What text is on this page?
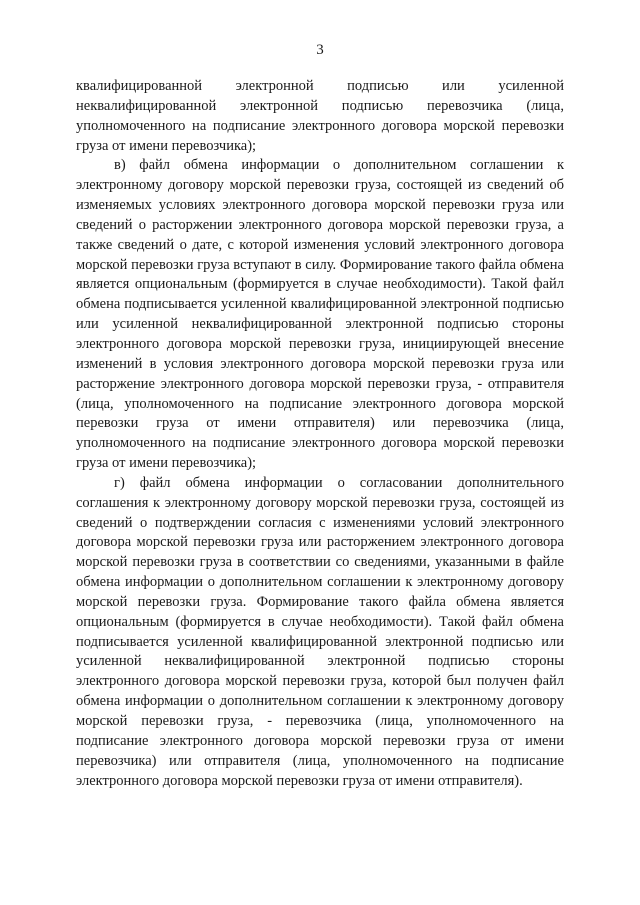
3

квалифицированной электронной подписью или усиленной неквалифицированной электронной подписью перевозчика (лица, уполномоченного на подписание электронного договора морской перевозки груза от имени перевозчика);

в) файл обмена информации о дополнительном соглашении к электронному договору морской перевозки груза, состоящей из сведений об изменяемых условиях электронного договора морской перевозки груза или сведений о расторжении электронного договора морской перевозки груза, а также сведений о дате, с которой изменения условий электронного договора морской перевозки груза вступают в силу. Формирование такого файла обмена является опциональным (формируется в случае необходимости). Такой файл обмена подписывается усиленной квалифицированной электронной подписью или усиленной неквалифицированной электронной подписью стороны электронного договора морской перевозки груза, инициирующей внесение изменений в условия электронного договора морской перевозки груза или расторжение электронного договора морской перевозки груза, - отправителя (лица, уполномоченного на подписание электронного договора морской перевозки груза от имени отправителя) или перевозчика (лица, уполномоченного на подписание электронного договора морской перевозки груза от имени перевозчика);

г) файл обмена информации о согласовании дополнительного соглашения к электронному договору морской перевозки груза, состоящей из сведений о подтверждении согласия с изменениями условий электронного договора морской перевозки груза или расторжением электронного договора морской перевозки груза в соответствии со сведениями, указанными в файле обмена информации о дополнительном соглашении к электронному договору морской перевозки груза. Формирование такого файла обмена является опциональным (формируется в случае необходимости). Такой файл обмена подписывается усиленной квалифицированной электронной подписью или усиленной неквалифицированной электронной подписью стороны электронного договора морской перевозки груза, которой был получен файл обмена информации о дополнительном соглашении к электронному договору морской перевозки груза, - перевозчика (лица, уполномоченного на подписание электронного договора морской перевозки груза от имени перевозчика) или отправителя (лица, уполномоченного на подписание электронного договора морской перевозки груза от имени отправителя).
